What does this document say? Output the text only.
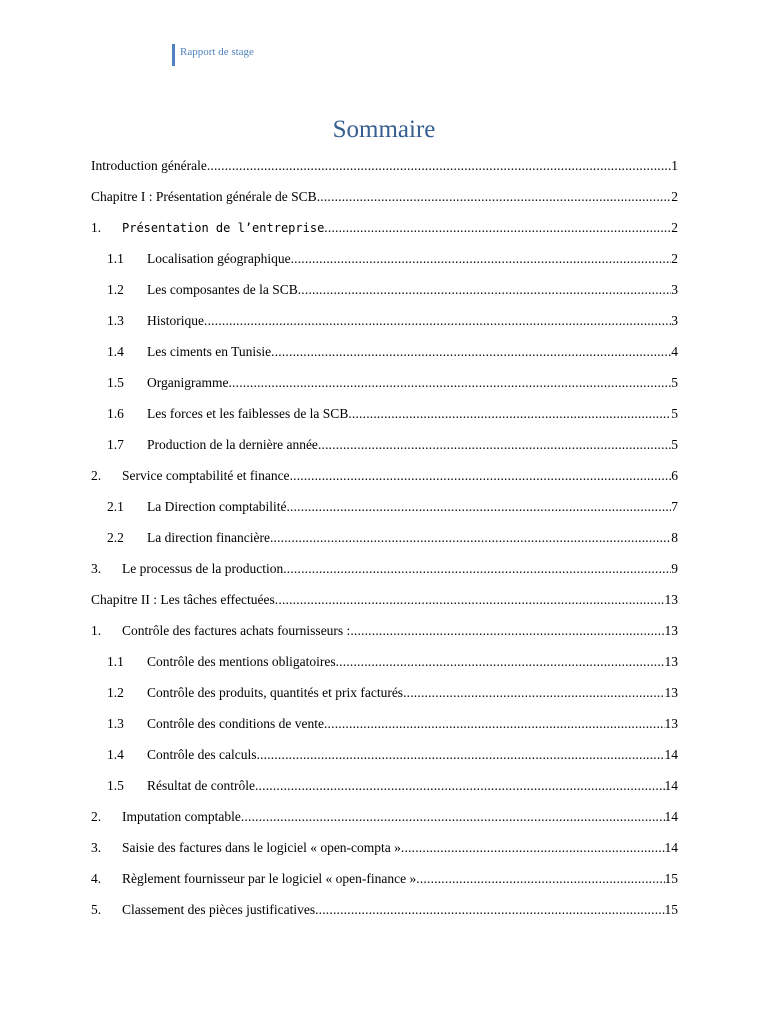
Rapport de stage
Sommaire
Introduction générale .....	1
Chapitre I : Présentation générale de SCB .....	2
1.	Présentation de l’entreprise .....	2
1.1	Localisation géographique .....	2
1.2	Les composantes de la SCB .....	3
1.3	Historique .....	3
1.4	Les ciments en Tunisie .....	4
1.5	Organigramme .....	5
1.6	Les forces et les faiblesses de la SCB .....	5
1.7	Production de la dernière année .....	5
2.	Service comptabilité et finance .....	6
2.1	La Direction comptabilité .....	7
2.2	La direction financière .....	8
3.	Le processus de la production .....	9
Chapitre II : Les tâches effectuées .....	13
1.	Contrôle des factures achats fournisseurs : .....	13
1.1	Contrôle des mentions obligatoires .....	13
1.2	Contrôle des produits, quantités et prix facturés .....	13
1.3	Contrôle des conditions de vente .....	13
1.4	Contrôle des calculs .....	14
1.5	Résultat de contrôle .....	14
2.	Imputation comptable .....	14
3.	Saisie des factures dans le logiciel « open-compta » .....	14
4.	Règlement fournisseur par le logiciel « open-finance » .....	15
5.	Classement des pièces justificatives .....	15
